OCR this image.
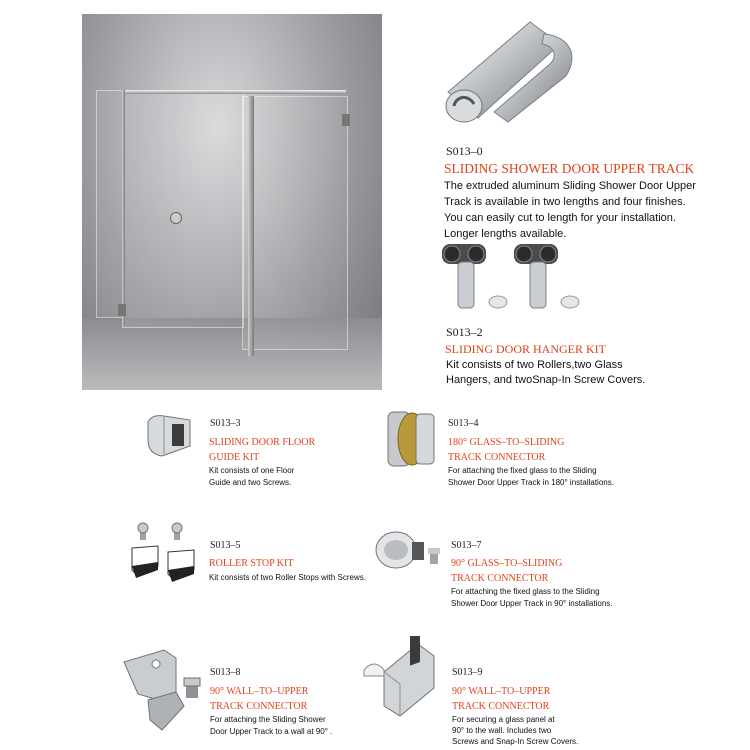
S013–0
SLIDING SHOWER DOOR UPPER TRACK
The extruded aluminum Sliding Shower Door Upper
Track is available in two lengths and four finishes.
You can easily cut to length for your installation.
Longer lengths available.
S013–2
SLIDING DOOR HANGER KIT
Kit consists of two Rollers,two Glass
Hangers, and twoSnap-In Screw Covers.
S013–3
SLIDING DOOR FLOOR
GUIDE KIT
Kit consists of one Floor
Guide and two Screws.
S013–4
180° GLASS–TO–SLIDING
TRACK CONNECTOR
For attaching the fixed glass to the Sliding
Shower Door Upper Track in 180° installations.
S013–5
ROLLER STOP KIT
Kit consists of two Roller Stops with Screws.
S013–7
90° GLASS–TO–SLIDING
TRACK CONNECTOR
For attaching the fixed glass to the Sliding
Shower Door Upper Track in 90° installations.
S013–8
90° WALL–TO–UPPER
TRACK CONNECTOR
For attaching the Sliding Shower
Door Upper Track to a wall at 90° .
S013–9
90° WALL–TO–UPPER
TRACK CONNECTOR
For securing a glass panel at
90° to the wall. Includes two
Screws and Snap-In Screw Covers.
